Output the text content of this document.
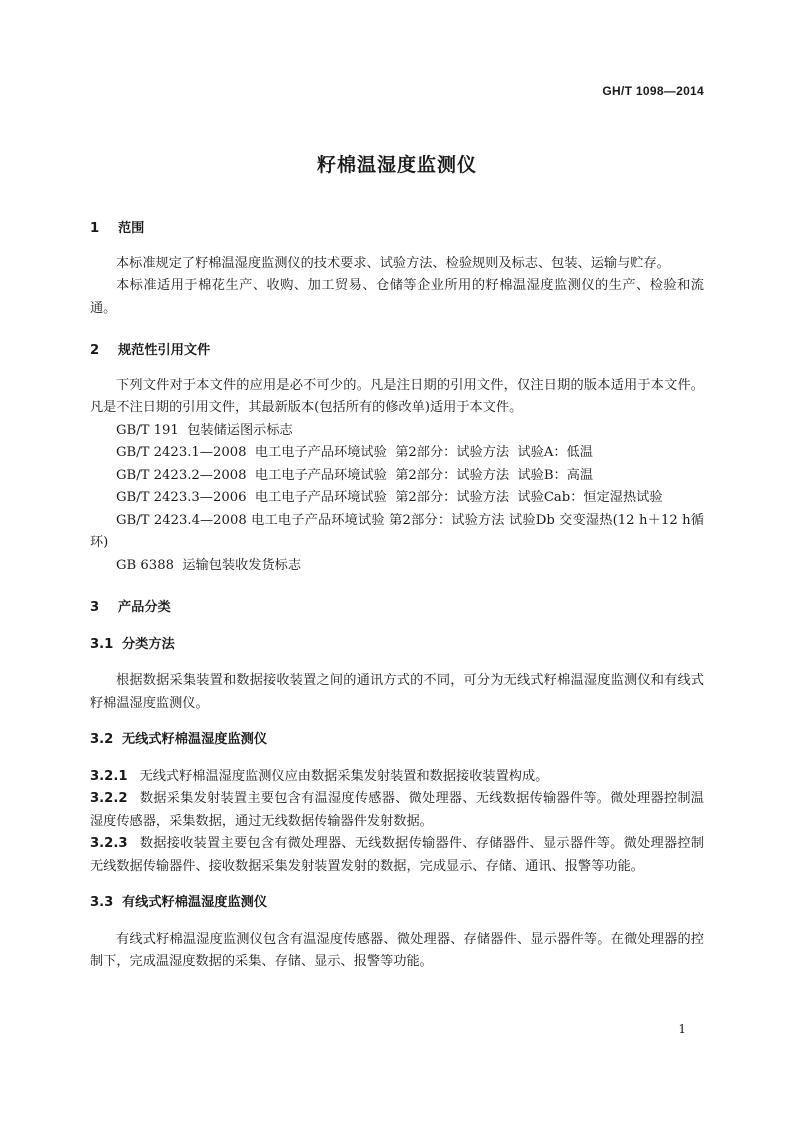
GH/T 1098—2014
籽棉温湿度监测仪

1 范围

本标准规定了籽棉温湿度监测仪的技术要求、试验方法、检验规则及标志、包装、运输与贮存。

本标准适用于棉花生产、收购、加工贸易、仓储等企业所用的籽棉温湿度监测仪的生产、检验和流通。

2 规范性引用文件

下列文件对于本文件的应用是必不可少的。凡是注日期的引用文件，仅注日期的版本适用于本文件。凡是不注日期的引用文件，其最新版本(包括所有的修改单)适用于本文件。

GB/T 191  包装储运图示标志

GB/T 2423.1—2008  电工电子产品环境试验  第2部分：试验方法  试验A：低温

GB/T 2423.2—2008  电工电子产品环境试验  第2部分：试验方法  试验B：高温

GB/T 2423.3—2006  电工电子产品环境试验  第2部分：试验方法  试验Cab：恒定湿热试验

GB/T 2423.4—2008 电工电子产品环境试验 第2部分：试验方法 试验Db 交变湿热(12 h＋12 h循环)

GB 6388  运输包装收发货标志

3 产品分类

3.1 分类方法

根据数据采集装置和数据接收装置之间的通讯方式的不同，可分为无线式籽棉温湿度监测仪和有线式籽棉温湿度监测仪。

3.2 无线式籽棉温湿度监测仪

3.2.1 无线式籽棉温湿度监测仪应由数据采集发射装置和数据接收装置构成。

3.2.2 数据采集发射装置主要包含有温湿度传感器、微处理器、无线数据传输器件等。微处理器控制温湿度传感器，采集数据，通过无线数据传输器件发射数据。

3.2.3 数据接收装置主要包含有微处理器、无线数据传输器件、存储器件、显示器件等。微处理器控制无线数据传输器件、接收数据采集发射装置发射的数据，完成显示、存储、通讯、报警等功能。

3.3 有线式籽棉温湿度监测仪

有线式籽棉温湿度监测仪包含有温湿度传感器、微处理器、存储器件、显示器件等。在微处理器的控制下，完成温湿度数据的采集、存储、显示、报警等功能。

1
